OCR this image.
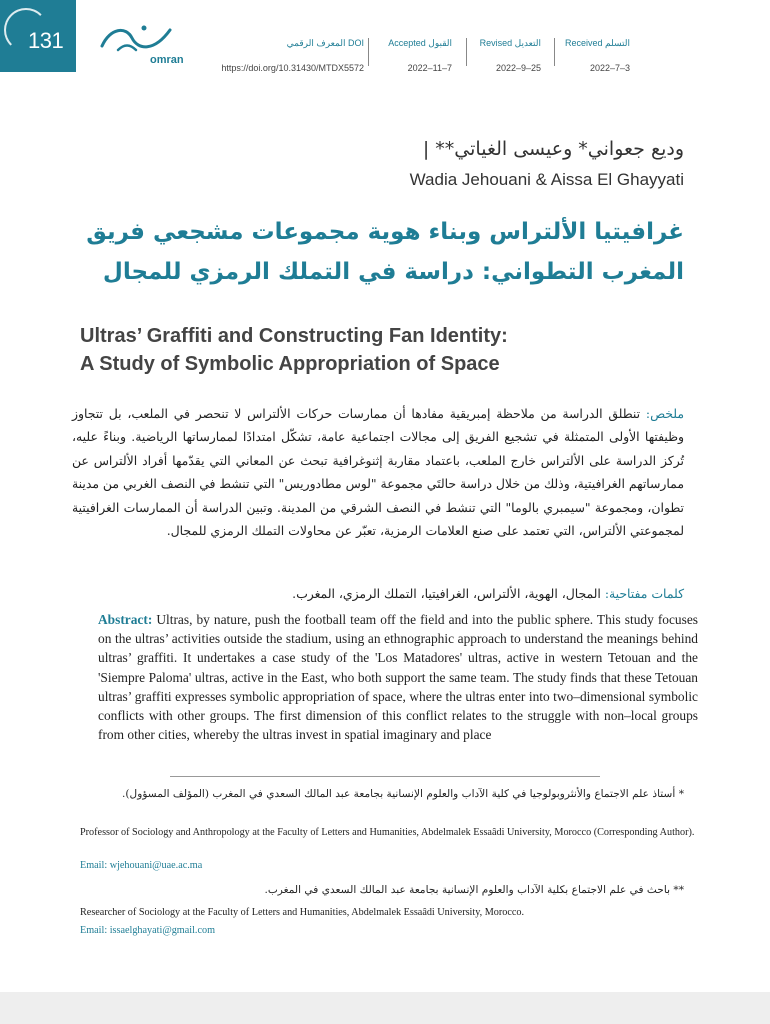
131
omran
المعرف الرقمي DOI
https://doi.org/10.31430/MTDX5572
Accepted القبول
2022–11–7
Revised التعديل
2022–9–25
Received التسلم
2022–7–3
وديع جعواني* وعيسى الغياتي** |
Wadia Jehouani & Aissa El Ghayyati
غرافيتيا الألتراس وبناء هوية مجموعات مشجعي فريق المغرب التطواني: دراسة في التملك الرمزي للمجال
Ultras’ Graffiti and Constructing Fan Identity:
A Study of Symbolic Appropriation of Space
ملخص: تنطلق الدراسة من ملاحظة إمبريقية مفادها أن ممارسات حركات الألتراس لا تنحصر في الملعب، بل تتجاوز وظيفتها الأولى المتمثلة في تشجيع الفريق إلى مجالات اجتماعية عامة، تشكّل امتدادًا لممارساتها الرياضية. وبناءً عليه، تُركز الدراسة على الألتراس خارج الملعب، باعتماد مقاربة إثنوغرافية تبحث عن المعاني التي يقدّمها أفراد الألتراس عن ممارساتهم الغرافيتية، وذلك من خلال دراسة حالتَي مجموعة "لوس مطادوريس" التي تنشط في النصف الغربي من مدينة تطوان، ومجموعة "سيمبري بالوما" التي تنشط في النصف الشرقي من المدينة. وتبين الدراسة أن الممارسات الغرافيتية لمجموعتي الألتراس، التي تعتمد على صنع العلامات الرمزية، تعبّر عن محاولات التملك الرمزي للمجال.
كلمات مفتاحية: المجال، الهوية، الألتراس، الغرافيتيا، التملك الرمزي، المغرب.
Abstract: Ultras, by nature, push the football team off the field and into the public sphere. This study focuses on the ultras’ activities outside the stadium, using an ethnographic approach to understand the meanings behind ultras’ graffiti. It undertakes a case study of the 'Los Matadores' ultras, active in western Tetouan and the 'Siempre Paloma' ultras, active in the East, who both support the same team. The study finds that these Tetouan ultras’ graffiti expresses symbolic appropriation of space, where the ultras enter into two–dimensional symbolic conflicts with other groups. The first dimension of this conflict relates to the struggle with non–local groups from other cities, whereby the ultras invest in spatial imaginary and place
* أستاذ علم الاجتماع والأنثروبولوجيا في كلية الآداب والعلوم الإنسانية بجامعة عبد المالك السعدي في المغرب (المؤلف المسؤول).
Professor of Sociology and Anthropology at the Faculty of Letters and Humanities, Abdelmalek Essaâdi University, Morocco (Corresponding Author).
Email: wjehouani@uae.ac.ma
** باحث في علم الاجتماع بكلية الآداب والعلوم الإنسانية بجامعة عبد المالك السعدي في المغرب.
Researcher of Sociology at the Faculty of Letters and Humanities, Abdelmalek Essaâdi University, Morocco.
Email: issaelghayati@gmail.com
